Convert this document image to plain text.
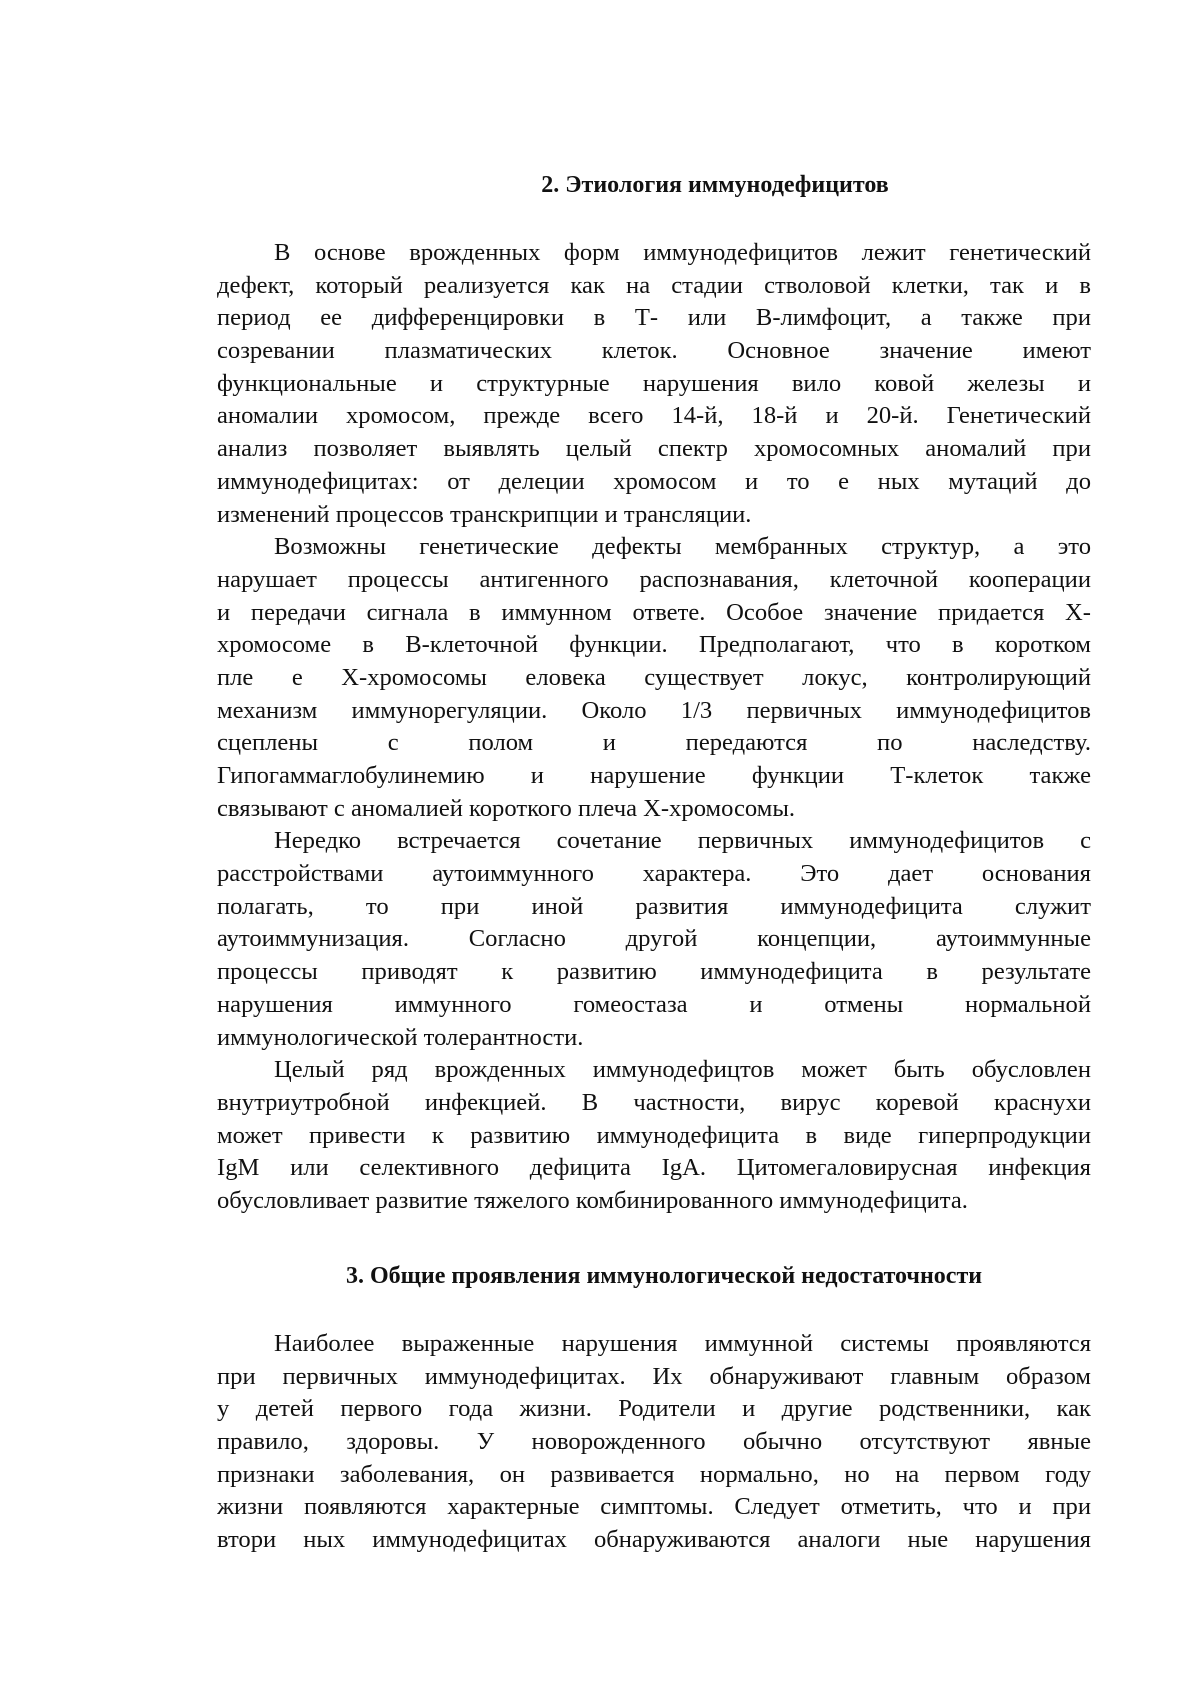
2. Этиология иммунодефицитов

В основе врожденных форм иммунодефицитов лежит генетический
дефект, который реализуется как на стадии стволовой клетки, так и в
период ее дифференцировки в Т- или В-лимфоцит, а также при
созревании плазматических клеток. Основное значение имеют
функциональные и структурные нарушения вило ковой железы и
аномалии хромосом, прежде всего 14-й, 18-й и 20-й. Генетический
анализ позволяет выявлять целый спектр хромосомных аномалий при
иммунодефицитах: от делеции хромосом и то е ных мутаций до
изменений процессов транскрипции и трансляции.

Возможны генетические дефекты мембранных структур, а это
нарушает процессы антигенного распознавания, клеточной кооперации
и передачи сигнала в иммунном ответе. Особое значение придается Х-
хромосоме в В-клеточной функции. Предполагают, что в коротком
пле е Х-хромосомы еловека существует локус, контролирующий
механизм иммунорегуляции. Около 1/3 первичных иммунодефицитов
сцеплены с полом и передаются по наследству.
Гипогаммаглобулинемию и нарушение функции Т-клеток также
связывают с аномалией короткого плеча Х-хромосомы.

Нередко встречается сочетание первичных иммунодефицитов с
расстройствами аутоиммунного характера. Это дает основания
полагать, то при иной развития иммунодефицита служит
аутоиммунизация. Согласно другой концепции, аутоиммунные
процессы приводят к развитию иммунодефицита в результате
нарушения иммунного гомеостаза и отмены нормальной
иммунологической толерантности.

Целый ряд врожденных иммунодефицтов может быть обусловлен
внутриутробной инфекцией. В частности, вирус коревой краснухи
может привести к развитию иммунодефицита в виде гиперпродукции
IgM или селективного дефицита IgA. Цитомегаловирусная инфекция
обусловливает развитие тяжелого комбинированного иммунодефицита.

3. Общие проявления иммунологической недостаточности

Наиболее выраженные нарушения иммунной системы проявляются
при первичных иммунодефицитах. Их обнаруживают главным образом
у детей первого года жизни. Родители и другие родственники, как
правило, здоровы. У новорожденного обычно отсутствуют явные
признаки заболевания, он развивается нормально, но на первом году
жизни появляются характерные симптомы. Следует отметить, что и при
втори ных иммунодефицитах обнаруживаются аналоги ные нарушения
